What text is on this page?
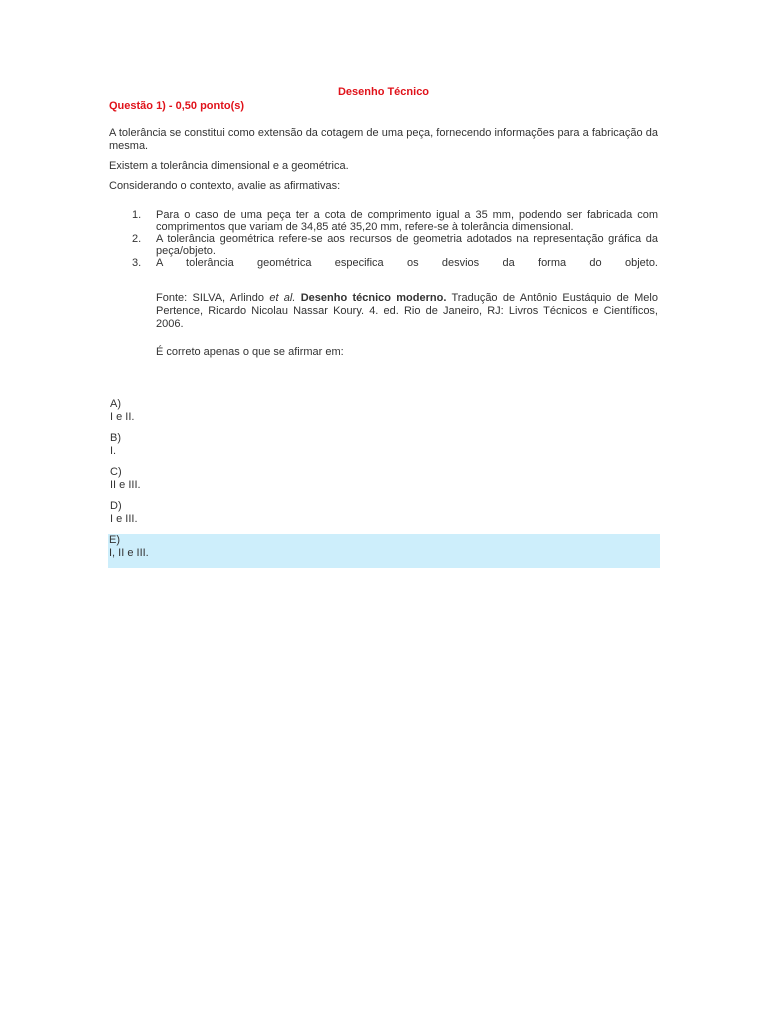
Desenho Técnico

Questão 1) - 0,50 ponto(s)

A tolerância se constitui como extensão da cotagem de uma peça, fornecendo informações para a fabricação da mesma.

Existem a tolerância dimensional e a geométrica.

Considerando o contexto, avalie as afirmativas:

1. Para o caso de uma peça ter a cota de comprimento igual a 35 mm, podendo ser fabricada com comprimentos que variam de 34,85 até 35,20 mm, refere-se à tolerância dimensional.
2. A tolerância geométrica refere-se aos recursos de geometria adotados na representação gráfica da peça/objeto.
3. A tolerância geométrica especifica os desvios da forma do objeto.

Fonte: SILVA, Arlindo et al. Desenho técnico moderno. Tradução de Antônio Eustáquio de Melo Pertence, Ricardo Nicolau Nassar Koury. 4. ed. Rio de Janeiro, RJ: Livros Técnicos e Científicos, 2006.

É correto apenas o que se afirmar em:

A)
I e II.
B)
I.
C)
II e III.
D)
I e III.
E)
I, II e III.
